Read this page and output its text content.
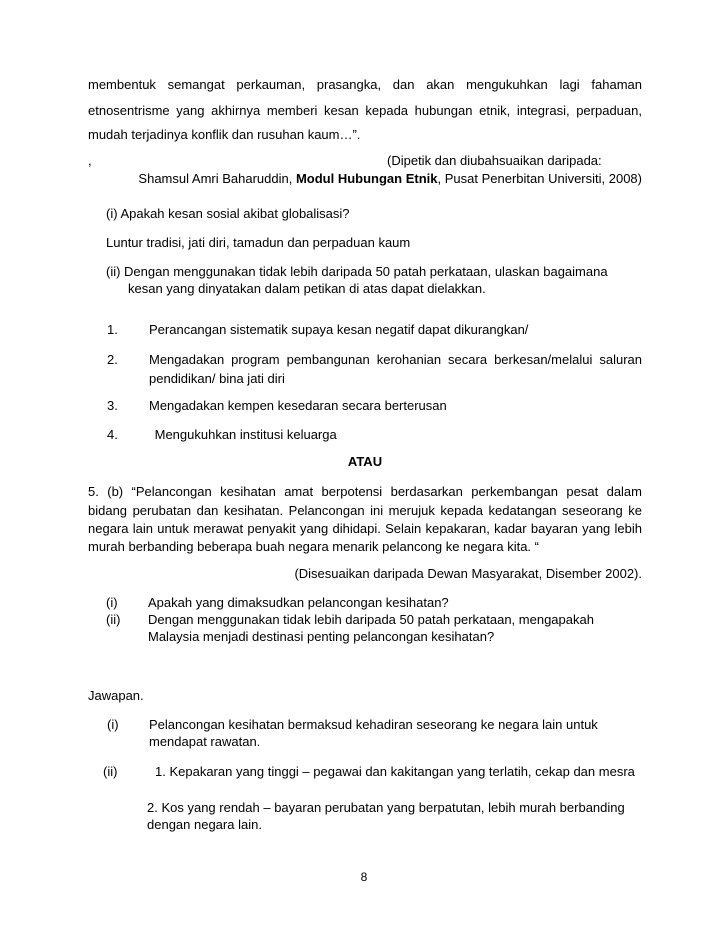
membentuk semangat perkauman, prasangka, dan akan mengukuhkan lagi fahaman

etnosentrisme yang akhirnya memberi kesan kepada hubungan etnik, integrasi, perpaduan,

mudah terjadinya konflik dan rusuhan kaum…”.

,	(Dipetik dan diubahsuaikan daripada:

Shamsul Amri Baharuddin, Modul Hubungan Etnik, Pusat Penerbitan Universiti, 2008)

(i) Apakah kesan sosial akibat globalisasi?

Luntur tradisi, jati diri, tamadun dan perpaduan kaum

(ii) Dengan menggunakan tidak lebih daripada 50 patah perkataan, ulaskan bagaimana

kesan yang dinyatakan dalam petikan di atas dapat dielakkan.

1. Perancangan sistematik supaya kesan negatif dapat dikurangkan/

2. Mengadakan program pembangunan kerohanian secara berkesan/melalui saluran

pendidikan/ bina jati diri

3. Mengadakan kempen kesedaran secara berterusan

4.	Mengukuhkan institusi keluarga

ATAU

5. (b) “Pelancongan kesihatan amat berpotensi berdasarkan perkembangan pesat dalam

bidang perubatan dan kesihatan. Pelancongan ini merujuk kepada kedatangan seseorang ke

negara lain untuk merawat penyakit yang dihidapi. Selain kepakaran, kadar bayaran yang lebih

murah berbanding beberapa buah negara menarik pelancong ke negara kita. “

(Disesuaikan daripada Dewan Masyarakat, Disember 2002).

(i) Apakah yang dimaksudkan pelancongan kesihatan?

(ii) Dengan menggunakan tidak lebih daripada 50 patah perkataan, mengapakah

Malaysia menjadi destinasi penting pelancongan kesihatan?

Jawapan.

(i) Pelancongan kesihatan bermaksud kehadiran seseorang ke negara lain untuk

mendapat rawatan.

(ii)	1. Kepakaran yang tinggi – pegawai dan kakitangan yang terlatih, cekap dan mesra

2. Kos yang rendah – bayaran perubatan yang berpatutan, lebih murah berbanding

dengan negara lain.

8
